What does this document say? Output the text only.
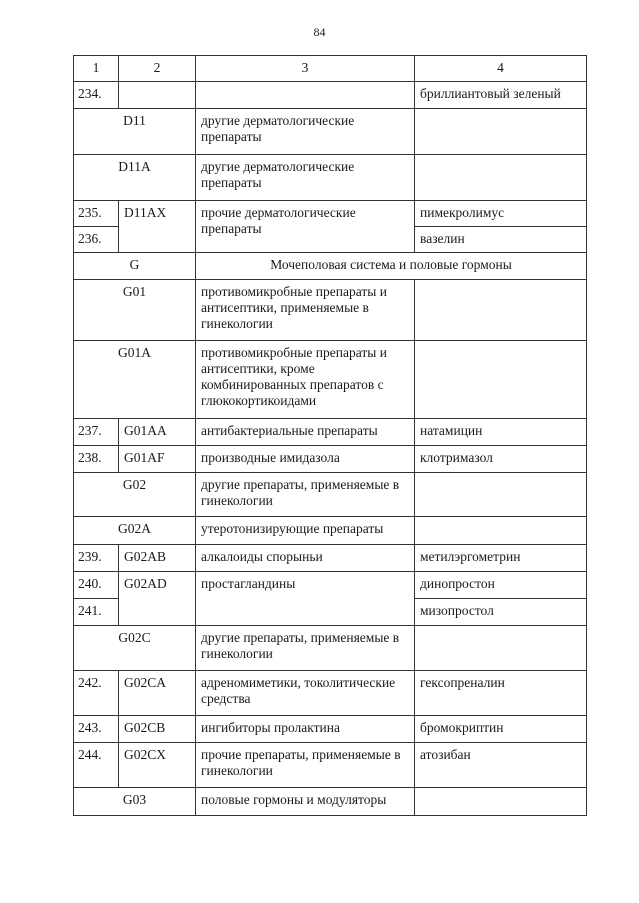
84
1	2	3	4
234.			бриллиантовый зеленый
D11		другие дерматологические препараты	
D11A		другие дерматологические препараты	
235.	D11AX	прочие дерматологические препараты	пимекролимус
236.			вазелин
G		Мочеполовая система и половые гормоны	
G01		противомикробные препараты и антисептики, применяемые в гинекологии	
G01A		противомикробные препараты и антисептики, кроме комбинированных препаратов с глюкокортикоидами	
237.	G01AA	антибактериальные препараты	натамицин
238.	G01AF	производные имидазола	клотримазол
G02		другие препараты, применяемые в гинекологии	
G02A		утеротонизирующие препараты	
239.	G02AB	алкалоиды спорыньи	метилэргометрин
240.	G02AD	простагландины	динопростон
241.			мизопростол
G02C		другие препараты, применяемые в гинекологии	
242.	G02CA	адреномиметики, токолитические средства	гексопреналин
243.	G02CB	ингибиторы пролактина	бромокриптин
244.	G02CX	прочие препараты, применяемые в гинекологии	атозибан
G03		половые гормоны и модуляторы	
